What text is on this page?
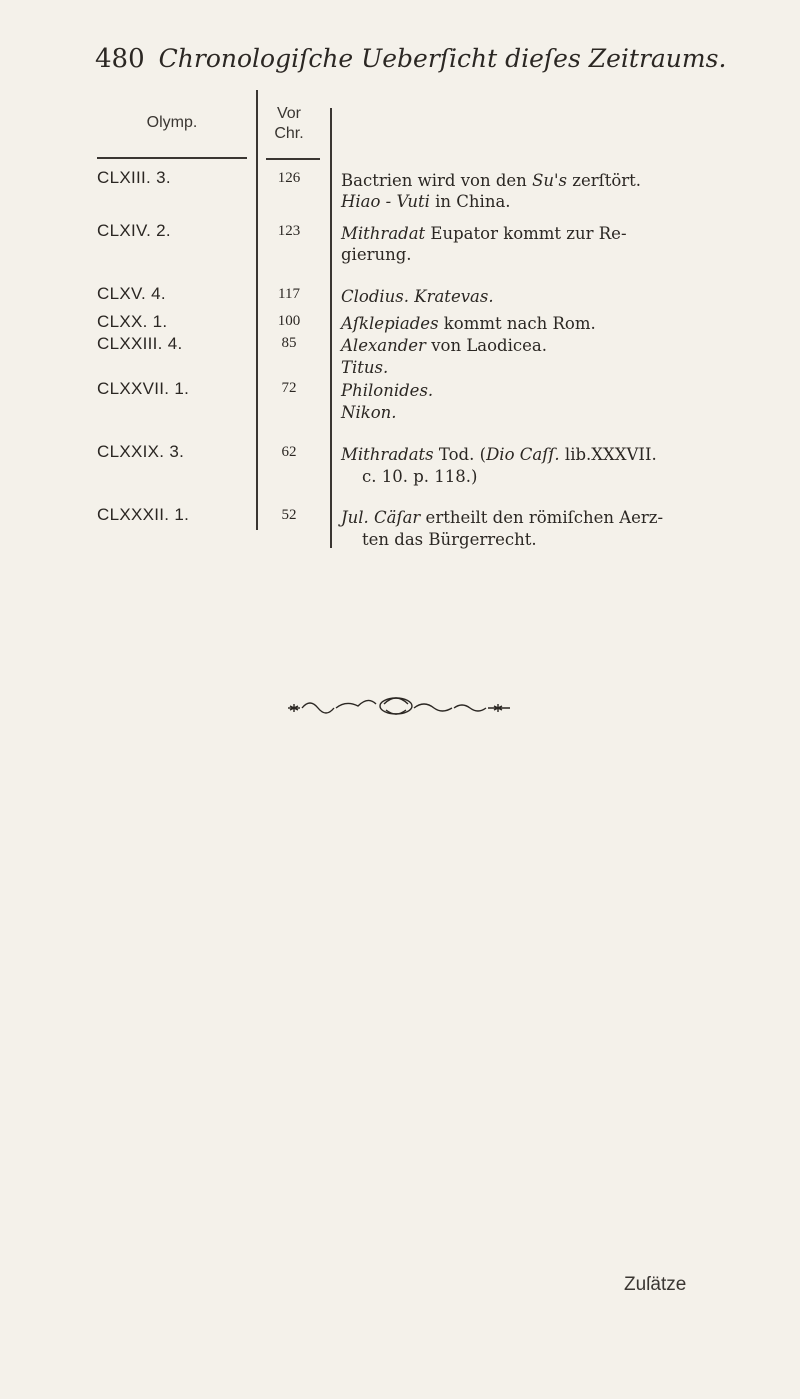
480 Chronologiſche Ueberſicht dieſes Zeitraums.
Olymp.
Vor
Chr.
CLXIII. 3.
CLXIV. 2.
CLXV. 4.
CLXX. 1.
CLXXIII. 4.
CLXXVII. 1.
CLXXIX. 3.
CLXXXII. 1.
126
123
117
100
85
72
62
52
Bactrien wird von den Su's zerſtört.
Hiao - Vuti in China.
Mithradat Eupator kommt zur Re-
gierung.
Clodius. Kratevas.
Aſklepiades kommt nach Rom.
Alexander von Laodicea.
Titus.
Philonides.
Nikon.
Mithradats Tod. (Dio Caſſ. lib.XXXVII.
c. 10. p. 118.)
Jul. Cäſar ertheilt den römiſchen Aerz-
ten das Bürgerrecht.
Zuſätze
